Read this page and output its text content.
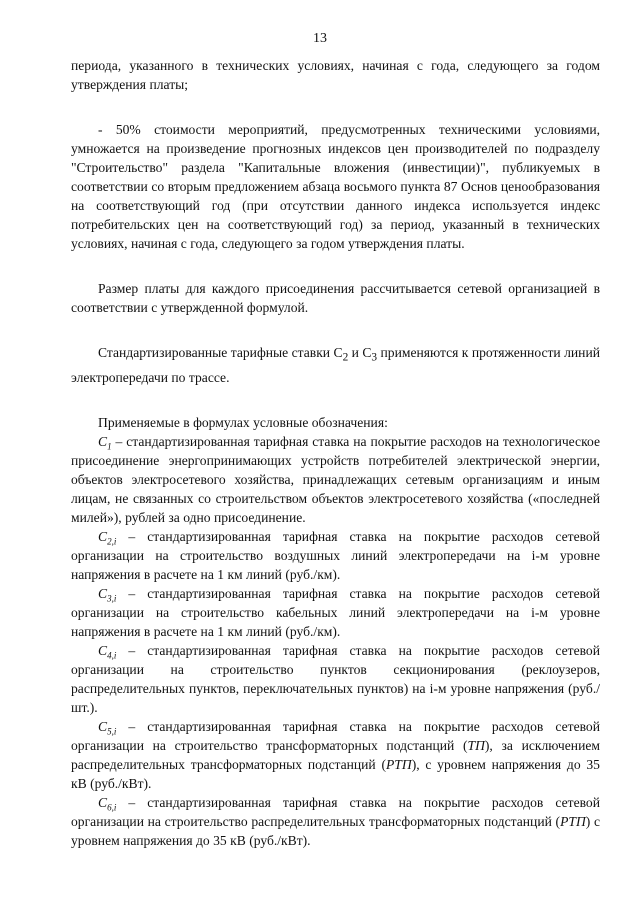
13

периода, указанного в технических условиях, начиная с года, следующего за годом утверждения платы;

- 50% стоимости мероприятий, предусмотренных техническими условиями, умножается на произведение прогнозных индексов цен производителей по подразделу "Строительство" раздела "Капитальные вложения (инвестиции)", публикуемых в соответствии со вторым предложением абзаца восьмого пункта 87 Основ ценообразования на соответствующий год (при отсутствии данного индекса используется индекс потребительских цен на соответствующий год) за период, указанный в технических условиях, начиная с года, следующего за годом утверждения платы.

Размер платы для каждого присоединения рассчитывается сетевой организацией в соответствии с утвержденной формулой.

Стандартизированные тарифные ставки $С_2$ и $С_3$ применяются к протяженности линий электропередачи по трассе.

Применяемые в формулах условные обозначения:

$C_1$ – стандартизированная тарифная ставка на покрытие расходов на технологическое присоединение энергопринимающих устройств потребителей электрической энергии, объектов электросетевого хозяйства, принадлежащих сетевым организациям и иным лицам, не связанных со строительством объектов электросетевого хозяйства («последней милей»), рублей за одно присоединение.

$C_{2,i}$ – стандартизированная тарифная ставка на покрытие расходов сетевой организации на строительство воздушных линий электропередачи на i-м уровне напряжения в расчете на 1 км линий (руб./км).

$C_{3,i}$ – стандартизированная тарифная ставка на покрытие расходов сетевой организации на строительство кабельных линий электропередачи на i-м уровне напряжения в расчете на 1 км линий (руб./км).

$C_{4,i}$ – стандартизированная тарифная ставка на покрытие расходов сетевой организации на строительство пунктов секционирования (реклоузеров, распределительных пунктов, переключательных пунктов) на i-м уровне напряжения (руб./шт.).

$C_{5,i}$ – стандартизированная тарифная ставка на покрытие расходов сетевой организации на строительство трансформаторных подстанций (ТП), за исключением распределительных трансформаторных подстанций (РТП), с уровнем напряжения до 35 кВ (руб./кВт).

$C_{6,i}$ – стандартизированная тарифная ставка на покрытие расходов сетевой организации на строительство распределительных трансформаторных подстанций (РТП) с уровнем напряжения до 35 кВ (руб./кВт).
